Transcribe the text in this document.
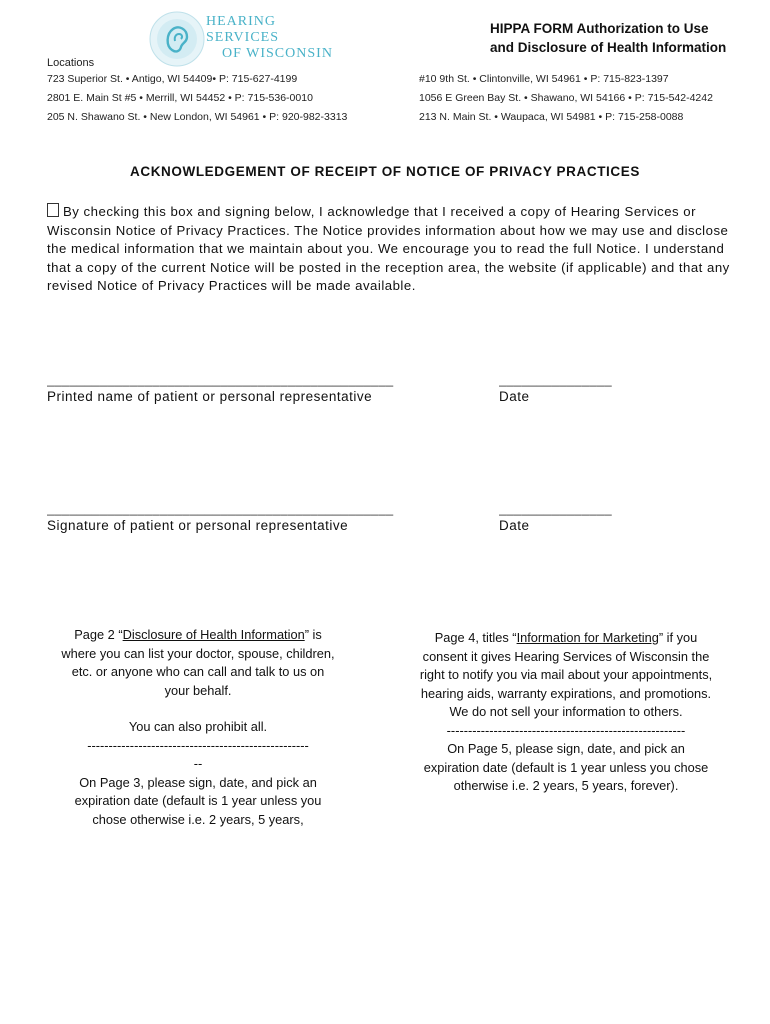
HEARING
SERVICES
OF WISCONSIN
HIPPA FORM Authorization to Use
and Disclosure of Health Information
Locations
723 Superior St. • Antigo, WI 54409• P: 715-627-4199
2801 E. Main St #5 • Merrill, WI 54452 • P: 715-536-0010
205 N. Shawano St. • New London, WI 54961 • P: 920-982-3313
#10 9th St. • Clintonville, WI 54961 • P: 715-823-1397
1056 E Green Bay St. • Shawano, WI 54166 • P: 715-542-4242
213 N. Main St. • Waupaca, WI 54981 • P: 715-258-0088
ACKNOWLEDGEMENT OF RECEIPT OF NOTICE OF PRIVACY PRACTICES
By checking this box and signing below, I acknowledge that I received a copy of Hearing Services or Wisconsin Notice of Privacy Practices. The Notice provides information about how we may use and disclose the medical information that we maintain about you. We encourage you to read the full Notice. I understand that a copy of the current Notice will be posted in the reception area, the website (if applicable) and that any revised Notice of Privacy Practices will be made available.
______________________________________________
Printed name of patient or personal representative
_______________
Date
______________________________________________
Signature of patient or personal representative
_______________
Date
Page 2 “Disclosure of Health Information” is where you can list your doctor, spouse, children, etc. or anyone who can call and talk to us on your behalf.
You can also prohibit all.
----------------------------------------------------
--
On Page 3, please sign, date, and pick an expiration date (default is 1 year unless you chose otherwise i.e. 2 years, 5 years,
Page 4, titles “Information for Marketing” if you consent it gives Hearing Services of Wisconsin the right to notify you via mail about your appointments, hearing aids, warranty expirations, and promotions.
We do not sell your information to others.
--------------------------------------------------------
On Page 5, please sign, date, and pick an expiration date (default is 1 year unless you chose otherwise i.e. 2 years, 5 years, forever).
